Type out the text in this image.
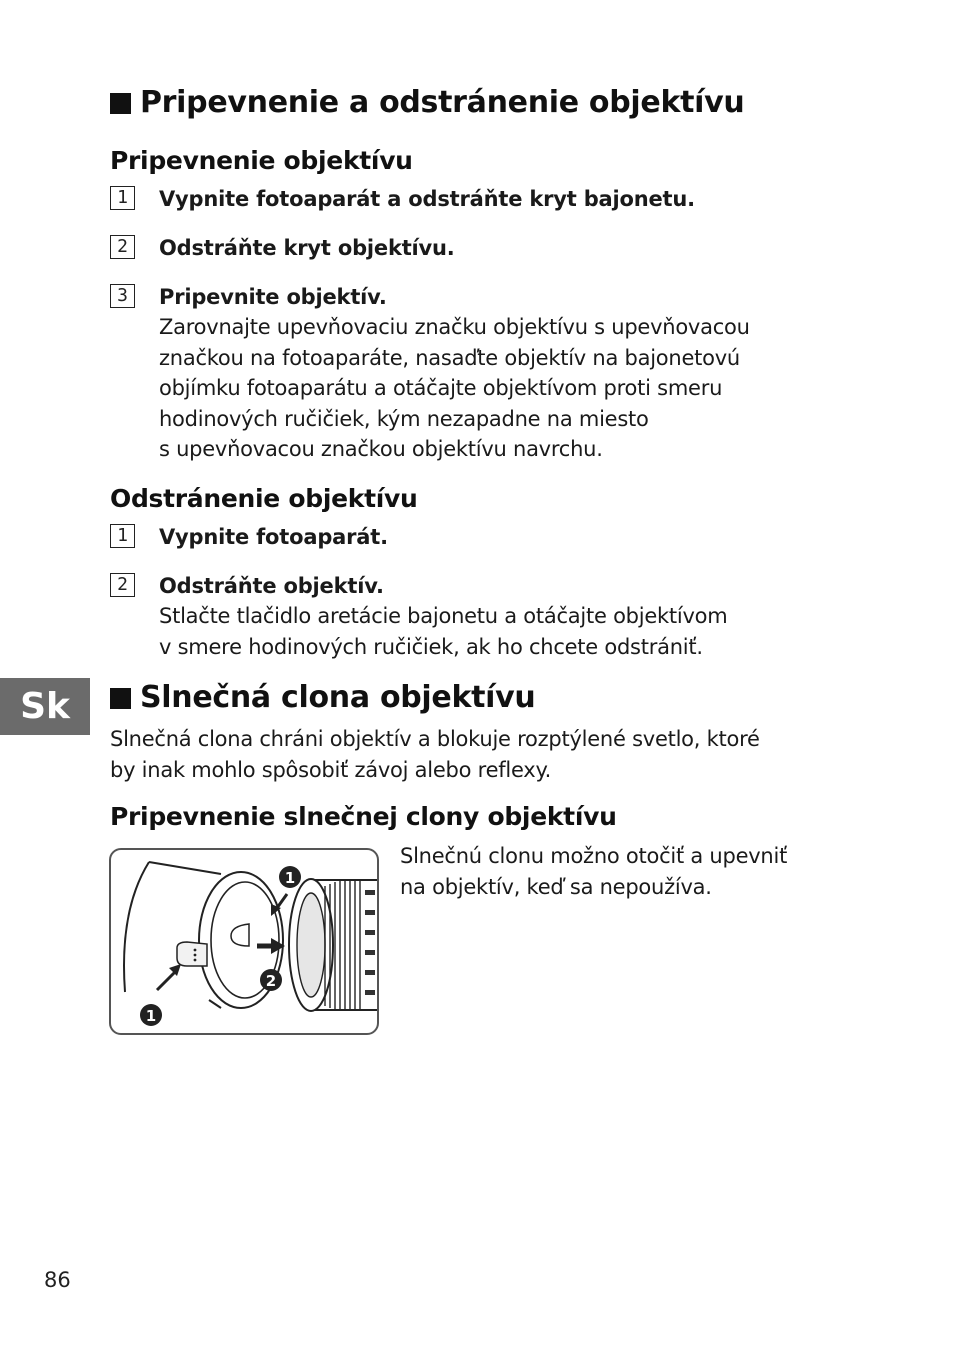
Pripevnenie a odstránenie objektívu
Pripevnenie objektívu
1	Vypnite fotoaparát a odstráňte kryt bajonetu.
2	Odstráňte kryt objektívu.
3	Pripevnite objektív.
Zarovnajte upevňovaciu značku objektívu s upevňovacou
značkou na fotoaparáte, nasaďte objektív na bajonetovú
objímku fotoaparátu a otáčajte objektívom proti smeru
hodinových ručičiek, kým nezapadne na miesto
s upevňovacou značkou objektívu navrchu.
Odstránenie objektívu
1	Vypnite fotoaparát.
2	Odstráňte objektív.
Stlačte tlačidlo aretácie bajonetu a otáčajte objektívom
v smere hodinových ručičiek, ak ho chcete odstrániť.
Sk	Slnečná clona objektívu
Slnečná clona chráni objektív a blokuje rozptýlené svetlo, ktoré
by inak mohlo spôsobiť závoj alebo reflexy.
Pripevnenie slnečnej clony objektívu
1
2
1
Slnečnú clonu možno otočiť a upevniť
na objektív, keď sa nepoužíva.
86
